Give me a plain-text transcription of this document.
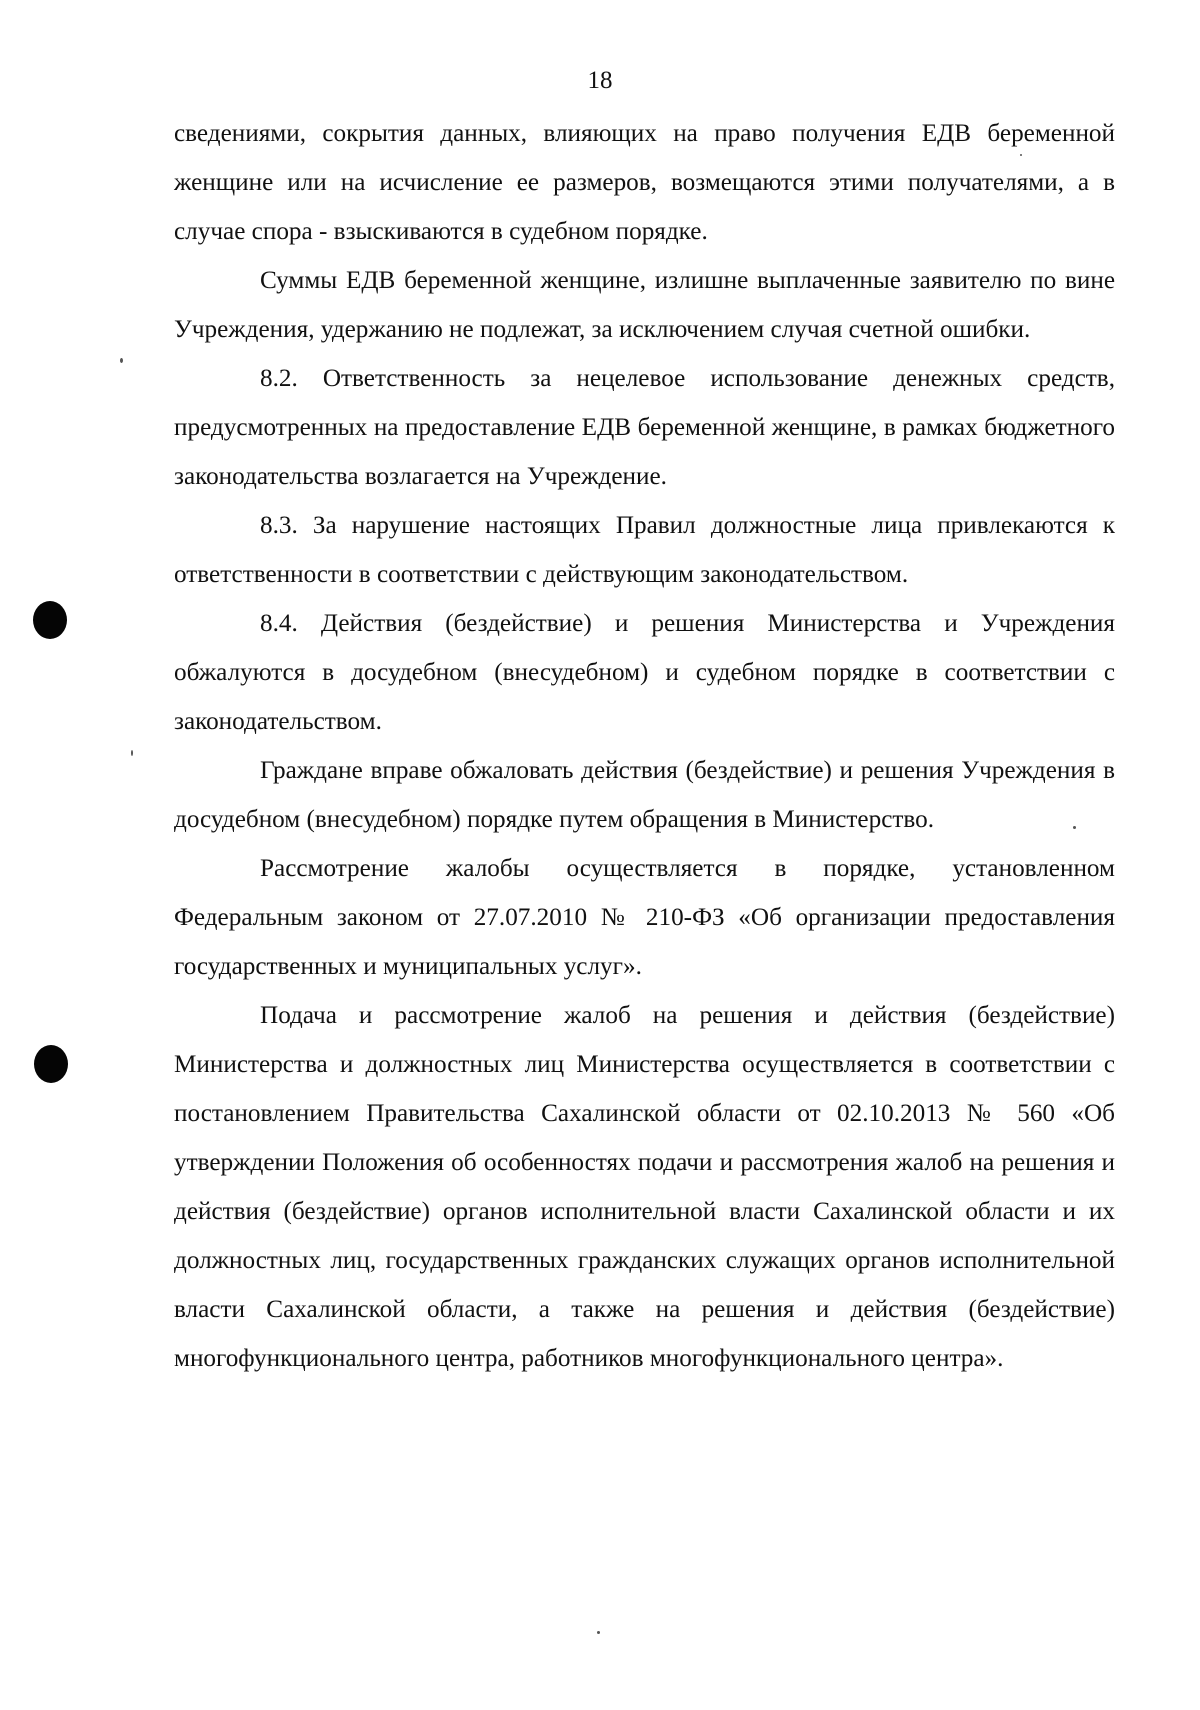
18

сведениями, сокрытия данных, влияющих на право получения ЕДВ беременной женщине или на исчисление ее размеров, возмещаются этими получателями, а в случае спора - взыскиваются в судебном порядке.

Суммы ЕДВ беременной женщине, излишне выплаченные заявителю по вине Учреждения, удержанию не подлежат, за исключением случая счетной ошибки.

8.2. Ответственность за нецелевое использование денежных средств, предусмотренных на предоставление ЕДВ беременной женщине, в рамках бюджетного законодательства возлагается на Учреждение.

8.3. За нарушение настоящих Правил должностные лица привлекаются к ответственности в соответствии с действующим законодательством.

8.4. Действия (бездействие) и решения Министерства и Учреждения обжалуются в досудебном (внесудебном) и судебном порядке в соответствии с законодательством.

Граждане вправе обжаловать действия (бездействие) и решения Учреждения в досудебном (внесудебном) порядке путем обращения в Министерство.

Рассмотрение жалобы осуществляется в порядке, установленном Федеральным законом от 27.07.2010 № 210-ФЗ «Об организации предоставления государственных и муниципальных услуг».

Подача и рассмотрение жалоб на решения и действия (бездействие) Министерства и должностных лиц Министерства осуществляется в соответствии с постановлением Правительства Сахалинской области от 02.10.2013 № 560 «Об утверждении Положения об особенностях подачи и рассмотрения жалоб на решения и действия (бездействие) органов исполнительной власти Сахалинской области и их должностных лиц, государственных гражданских служащих органов исполнительной власти Сахалинской области, а также на решения и действия (бездействие) многофункционального центра, работников многофункционального центра».
